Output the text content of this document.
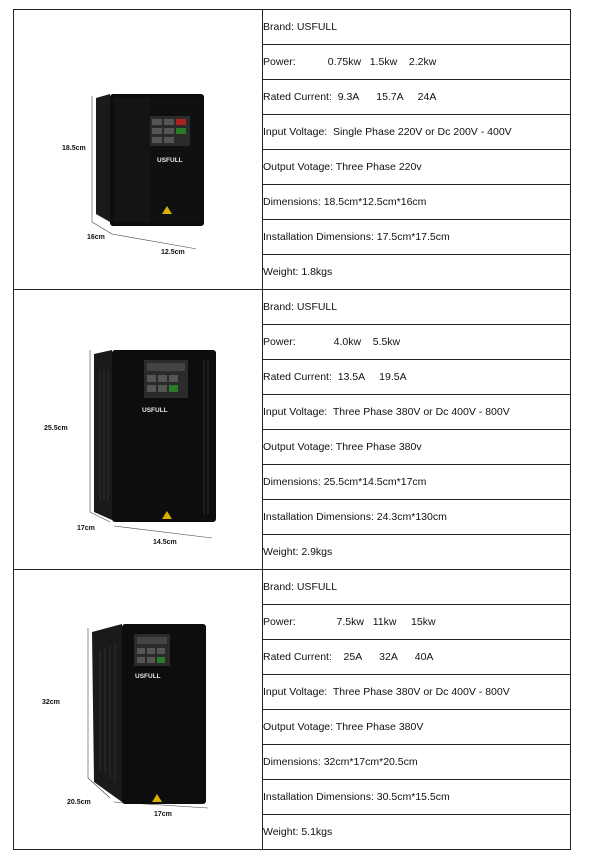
USFULL
18.5cm
16cm
12.5cm	Brand: USFULL
	Power:           0.75kw   1.5kw    2.2kw
	Rated Current:  9.3A      15.7A     24A
	Input Voltage:  Single Phase 220V or Dc 200V - 400V
	Output Votage: Three Phase 220v
	Dimensions: 18.5cm*12.5cm*16cm
	Installation Dimensions: 17.5cm*17.5cm
	Weight: 1.8kgs

USFULL
25.5cm
17cm
14.5cm	Brand: USFULL
	Power:             4.0kw    5.5kw
	Rated Current:  13.5A     19.5A
	Input Voltage:  Three Phase 380V or Dc 400V - 800V
	Output Votage: Three Phase 380v
	Dimensions: 25.5cm*14.5cm*17cm
	Installation Dimensions: 24.3cm*130cm
	Weight: 2.9kgs

USFULL
32cm
20.5cm
17cm	Brand: USFULL
	Power:              7.5kw   11kw     15kw
	Rated Current:    25A      32A      40A
	Input Voltage:  Three Phase 380V or Dc 400V - 800V
	Output Votage: Three Phase 380V
	Dimensions: 32cm*17cm*20.5cm
	Installation Dimensions: 30.5cm*15.5cm
	Weight: 5.1kgs
